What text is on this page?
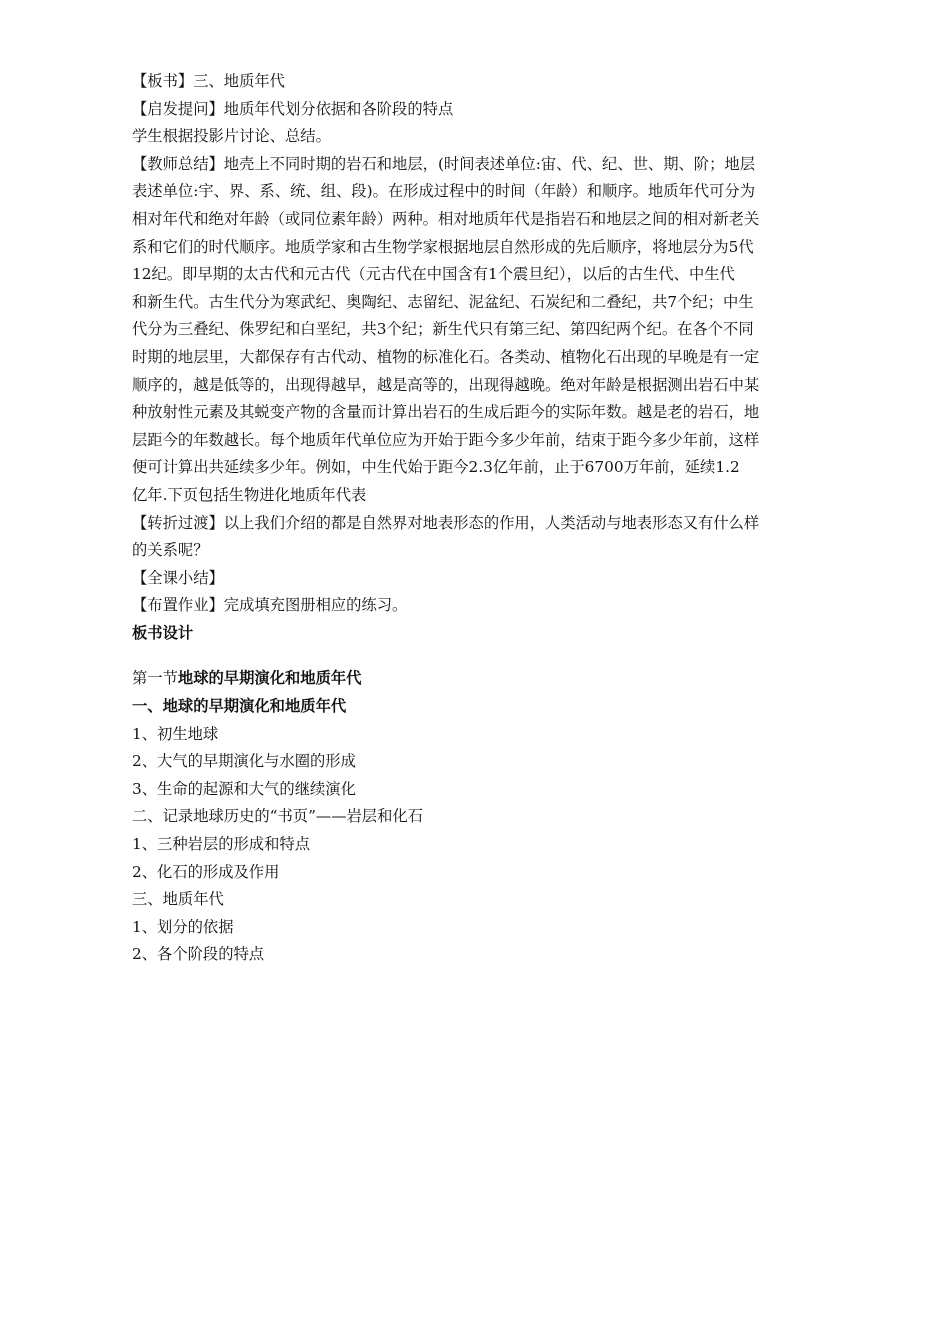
【板书】三、地质年代
【启发提问】地质年代划分依据和各阶段的特点
学生根据投影片讨论、总结。
【教师总结】地壳上不同时期的岩石和地层，(时间表述单位:宙、代、纪、世、期、阶；地层
表述单位:宇、界、系、统、组、段)。在形成过程中的时间（年龄）和顺序。地质年代可分为
相对年代和绝对年龄（或同位素年龄）两种。相对地质年代是指岩石和地层之间的相对新老关
系和它们的时代顺序。地质学家和古生物学家根据地层自然形成的先后顺序，将地层分为5代
12纪。即早期的太古代和元古代（元古代在中国含有1个震旦纪），以后的古生代、中生代
和新生代。古生代分为寒武纪、奥陶纪、志留纪、泥盆纪、石炭纪和二叠纪，共7个纪；中生
代分为三叠纪、侏罗纪和白垩纪，共3个纪；新生代只有第三纪、第四纪两个纪。在各个不同
时期的地层里，大都保存有古代动、植物的标准化石。各类动、植物化石出现的早晚是有一定
顺序的，越是低等的，出现得越早，越是高等的，出现得越晚。绝对年龄是根据测出岩石中某
种放射性元素及其蜕变产物的含量而计算出岩石的生成后距今的实际年数。越是老的岩石，地
层距今的年数越长。每个地质年代单位应为开始于距今多少年前，结束于距今多少年前，这样
便可计算出共延续多少年。例如，中生代始于距今2.3亿年前，止于6700万年前，延续1.2
亿年.下页包括生物进化地质年代表
【转折过渡】以上我们介绍的都是自然界对地表形态的作用，人类活动与地表形态又有什么样
的关系呢？
【全课小结】
【布置作业】完成填充图册相应的练习。
板书设计
第一节地球的早期演化和地质年代
一、地球的早期演化和地质年代
1、初生地球
2、大气的早期演化与水圈的形成
3、生命的起源和大气的继续演化
二、记录地球历史的“书页”——岩层和化石
1、三种岩层的形成和特点
2、化石的形成及作用
三、地质年代
1、划分的依据
2、各个阶段的特点
